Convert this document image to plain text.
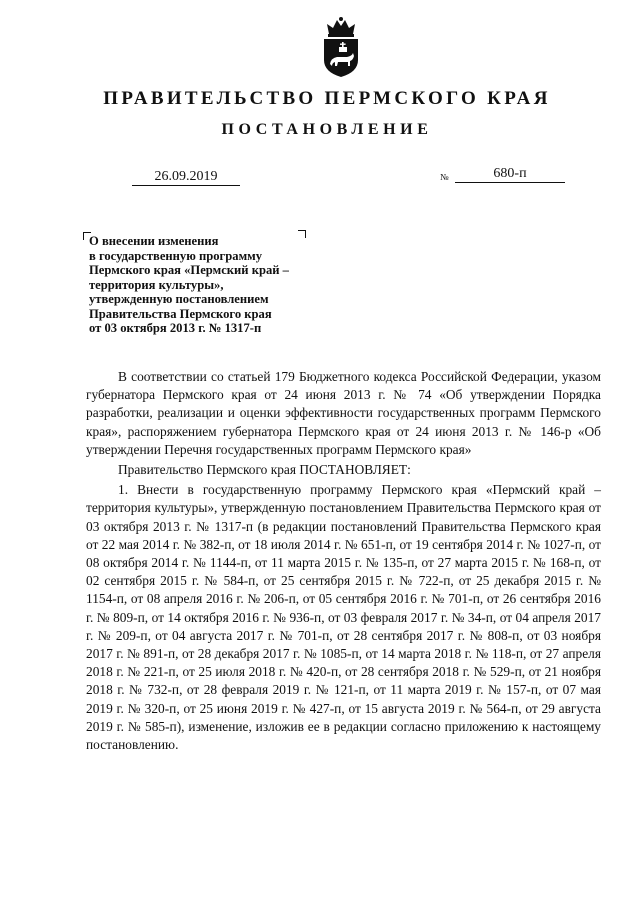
ПРАВИТЕЛЬСТВО ПЕРМСКОГО КРАЯ
ПОСТАНОВЛЕНИЕ
26.09.2019	№	680-п
О внесении изменения
в государственную программу
Пермского края «Пермский край –
территория культуры»,
утвержденную постановлением
Правительства Пермского края
от 03 октября 2013 г. № 1317-п

В соответствии со статьей 179 Бюджетного кодекса Российской Федерации, указом губернатора Пермского края от 24 июня 2013 г. № 74 «Об утверждении Порядка разработки, реализации и оценки эффективности государственных программ Пермского края», распоряжением губернатора Пермского края от 24 июня 2013 г. № 146-р «Об утверждении Перечня государственных программ Пермского края»

Правительство Пермского края ПОСТАНОВЛЯЕТ:

1. Внести в государственную программу Пермского края «Пермский край – территория культуры», утвержденную постановлением Правительства Пермского края от 03 октября 2013 г. № 1317-п (в редакции постановлений Правительства Пермского края от 22 мая 2014 г. № 382-п, от 18 июля 2014 г. № 651-п, от 19 сентября 2014 г. № 1027-п, от 08 октября 2014 г. № 1144-п, от 11 марта 2015 г. № 135-п, от 27 марта 2015 г. № 168-п, от 02 сентября 2015 г. № 584-п, от 25 сентября 2015 г. № 722-п, от 25 декабря 2015 г. № 1154-п, от 08 апреля 2016 г. № 206-п, от 05 сентября 2016 г. № 701-п, от 26 сентября 2016 г. № 809-п, от 14 октября 2016 г. № 936-п, от 03 февраля 2017 г. № 34-п, от 04 апреля 2017 г. № 209-п, от 04 августа 2017 г. № 701-п, от 28 сентября 2017 г. № 808-п, от 03 ноября 2017 г. № 891-п, от 28 декабря 2017 г. № 1085-п, от 14 марта 2018 г. № 118-п, от 27 апреля 2018 г. № 221-п, от 25 июля 2018 г. № 420-п, от 28 сентября 2018 г. № 529-п, от 21 ноября 2018 г. № 732-п, от 28 февраля 2019 г. № 121-п, от 11 марта 2019 г. № 157-п, от 07 мая 2019 г. № 320-п, от 25 июня 2019 г. № 427-п, от 15 августа 2019 г. № 564-п, от 29 августа 2019 г. № 585-п), изменение, изложив ее в редакции согласно приложению к настоящему постановлению.
